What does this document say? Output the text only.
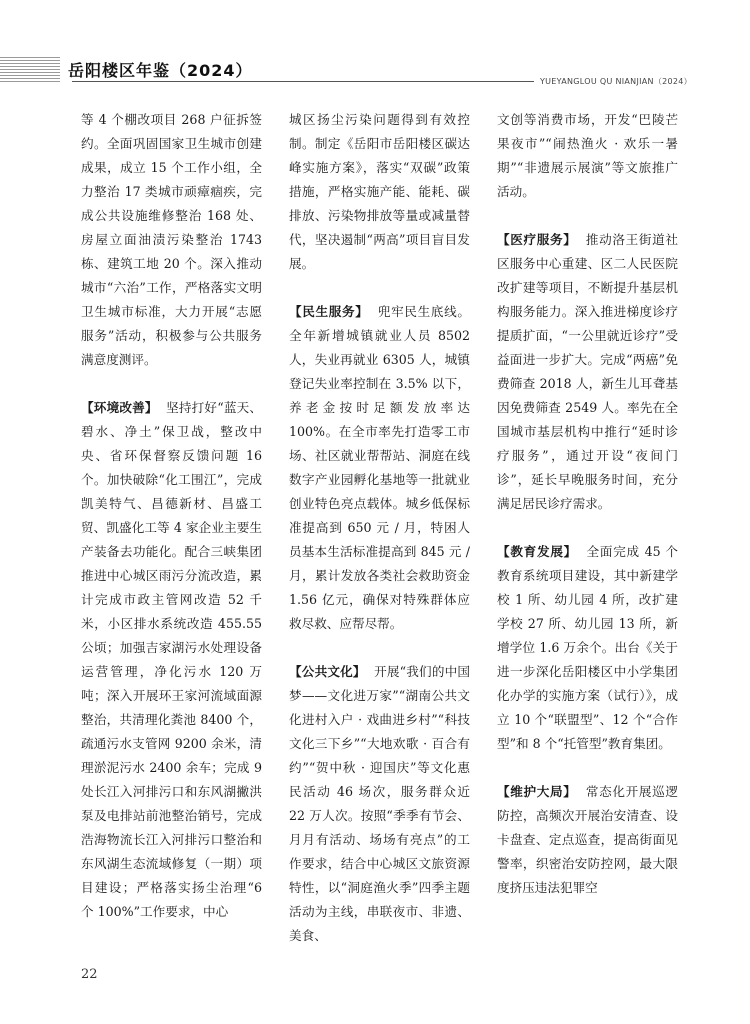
岳阳楼区年鉴（2024）
YUEYANGLOU QU NIANJIAN（2024）

等 4 个棚改项目 268 户征拆签约。全面巩固国家卫生城市创建成果，成立 15 个工作小组，全力整治 17 类城市顽瘴痼疾，完成公共设施维修整治 168 处、房屋立面油渍污染整治 1743 栋、建筑工地 20 个。深入推动城市“六治”工作，严格落实文明卫生城市标准，大力开展“志愿服务”活动，积极参与公共服务满意度测评。

【环境改善】 坚持打好“蓝天、碧水、净土”保卫战，整改中央、省环保督察反馈问题 16 个。加快破除“化工围江”，完成凯美特气、昌德新材、昌盛工贸、凯盛化工等 4 家企业主要生产装备去功能化。配合三峡集团推进中心城区雨污分流改造，累计完成市政主管网改造 52 千米，小区排水系统改造 455.55 公顷；加强吉家湖污水处理设备运营管理，净化污水 120 万吨；深入开展环王家河流域面源整治，共清理化粪池 8400 个，疏通污水支管网 9200 余米，清理淤泥污水 2400 余车；完成 9 处长江入河排污口和东风湖撇洪泵及电排站前池整治销号，完成浩海物流长江入河排污口整治和东风湖生态流域修复（一期）项目建设；严格落实扬尘治理“6 个 100%”工作要求，中心

城区扬尘污染问题得到有效控制。制定《岳阳市岳阳楼区碳达峰实施方案》，落实“双碳”政策措施，严格实施产能、能耗、碳排放、污染物排放等量或减量替代，坚决遏制“两高”项目盲目发展。

【民生服务】 兜牢民生底线。全年新增城镇就业人员 8502 人，失业再就业 6305 人，城镇登记失业率控制在 3.5% 以下，养老金按时足额发放率达 100%。在全市率先打造零工市场、社区就业帮帮站、洞庭在线数字产业园孵化基地等一批就业创业特色亮点载体。城乡低保标准提高到 650 元 / 月，特困人员基本生活标准提高到 845 元 / 月，累计发放各类社会救助资金 1.56 亿元，确保对特殊群体应救尽救、应帮尽帮。

【公共文化】 开展“我们的中国梦——文化进万家”“湖南公共文化进村入户 · 戏曲进乡村”“科技文化三下乡”“大地欢歌 · 百合有约”“贺中秋 · 迎国庆”等文化惠民活动 46 场次，服务群众近 22 万人次。按照“季季有节会、月月有活动、场场有亮点”的工作要求，结合中心城区文旅资源特性，以“洞庭渔火季”四季主题活动为主线，串联夜市、非遗、美食、

文创等消费市场，开发“巴陵芒果夜市”“闹热渔火 · 欢乐一暑期”“非遗展示展演”等文旅推广活动。

【医疗服务】 推动洛王街道社区服务中心重建、区二人民医院改扩建等项目，不断提升基层机构服务能力。深入推进梯度诊疗提质扩面，“一公里就近诊疗”受益面进一步扩大。完成“两癌”免费筛查 2018 人，新生儿耳聋基因免费筛查 2549 人。率先在全国城市基层机构中推行“延时诊疗服务”，通过开设“夜间门诊”，延长早晚服务时间，充分满足居民诊疗需求。

【教育发展】 全面完成 45 个教育系统项目建设，其中新建学校 1 所、幼儿园 4 所，改扩建学校 27 所、幼儿园 13 所，新增学位 1.6 万余个。出台《关于进一步深化岳阳楼区中小学集团化办学的实施方案（试行）》，成立 10 个“联盟型”、12 个“合作型”和 8 个“托管型”教育集团。

【维护大局】 常态化开展巡逻防控，高频次开展治安清查、设卡盘查、定点巡查，提高街面见警率，织密治安防控网，最大限度挤压违法犯罪空

22
